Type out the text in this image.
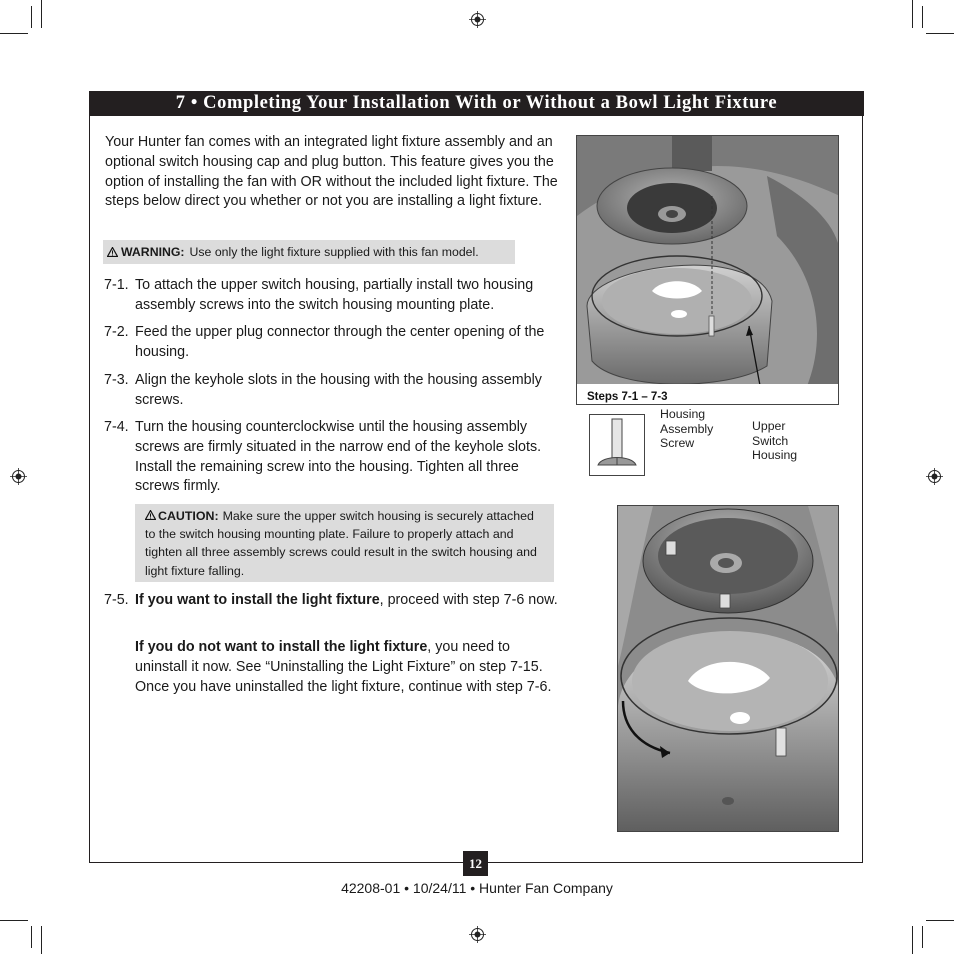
7 • Completing Your Installation With or Without a Bowl Light Fixture
Your Hunter fan comes with an integrated light fixture assembly and an optional switch housing cap and plug button. This feature gives you the option of installing the fan with OR without the included light fixture. The steps below direct you whether or not you are installing a light fixture.
WARNING: Use only the light fixture supplied with this fan model.
7-1. To attach the upper switch housing, partially install two housing assembly screws into the switch housing mounting plate.
7-2. Feed the upper plug connector through the center opening of the housing.
7-3. Align the keyhole slots in the housing with the housing assembly screws.
7-4. Turn the housing counterclockwise until the housing assembly screws are firmly situated in the narrow end of the keyhole slots. Install the remaining screw into the housing. Tighten all three screws firmly.
CAUTION: Make sure the upper switch housing is securely attached to the switch housing mounting plate. Failure to properly attach and tighten all three assembly screws could result in the switch housing and light fixture falling.
7-5. If you want to install the light fixture, proceed with step 7-6 now.
If you do not want to install the light fixture, you need to uninstall it now. See “Uninstalling the Light Fixture” on step 7-15. Once you have uninstalled the light fixture, continue with step 7-6.
Steps 7-1 – 7-3
Housing Assembly Screw
Upper Switch Housing
12
42208-01 • 10/24/11 • Hunter Fan Company
